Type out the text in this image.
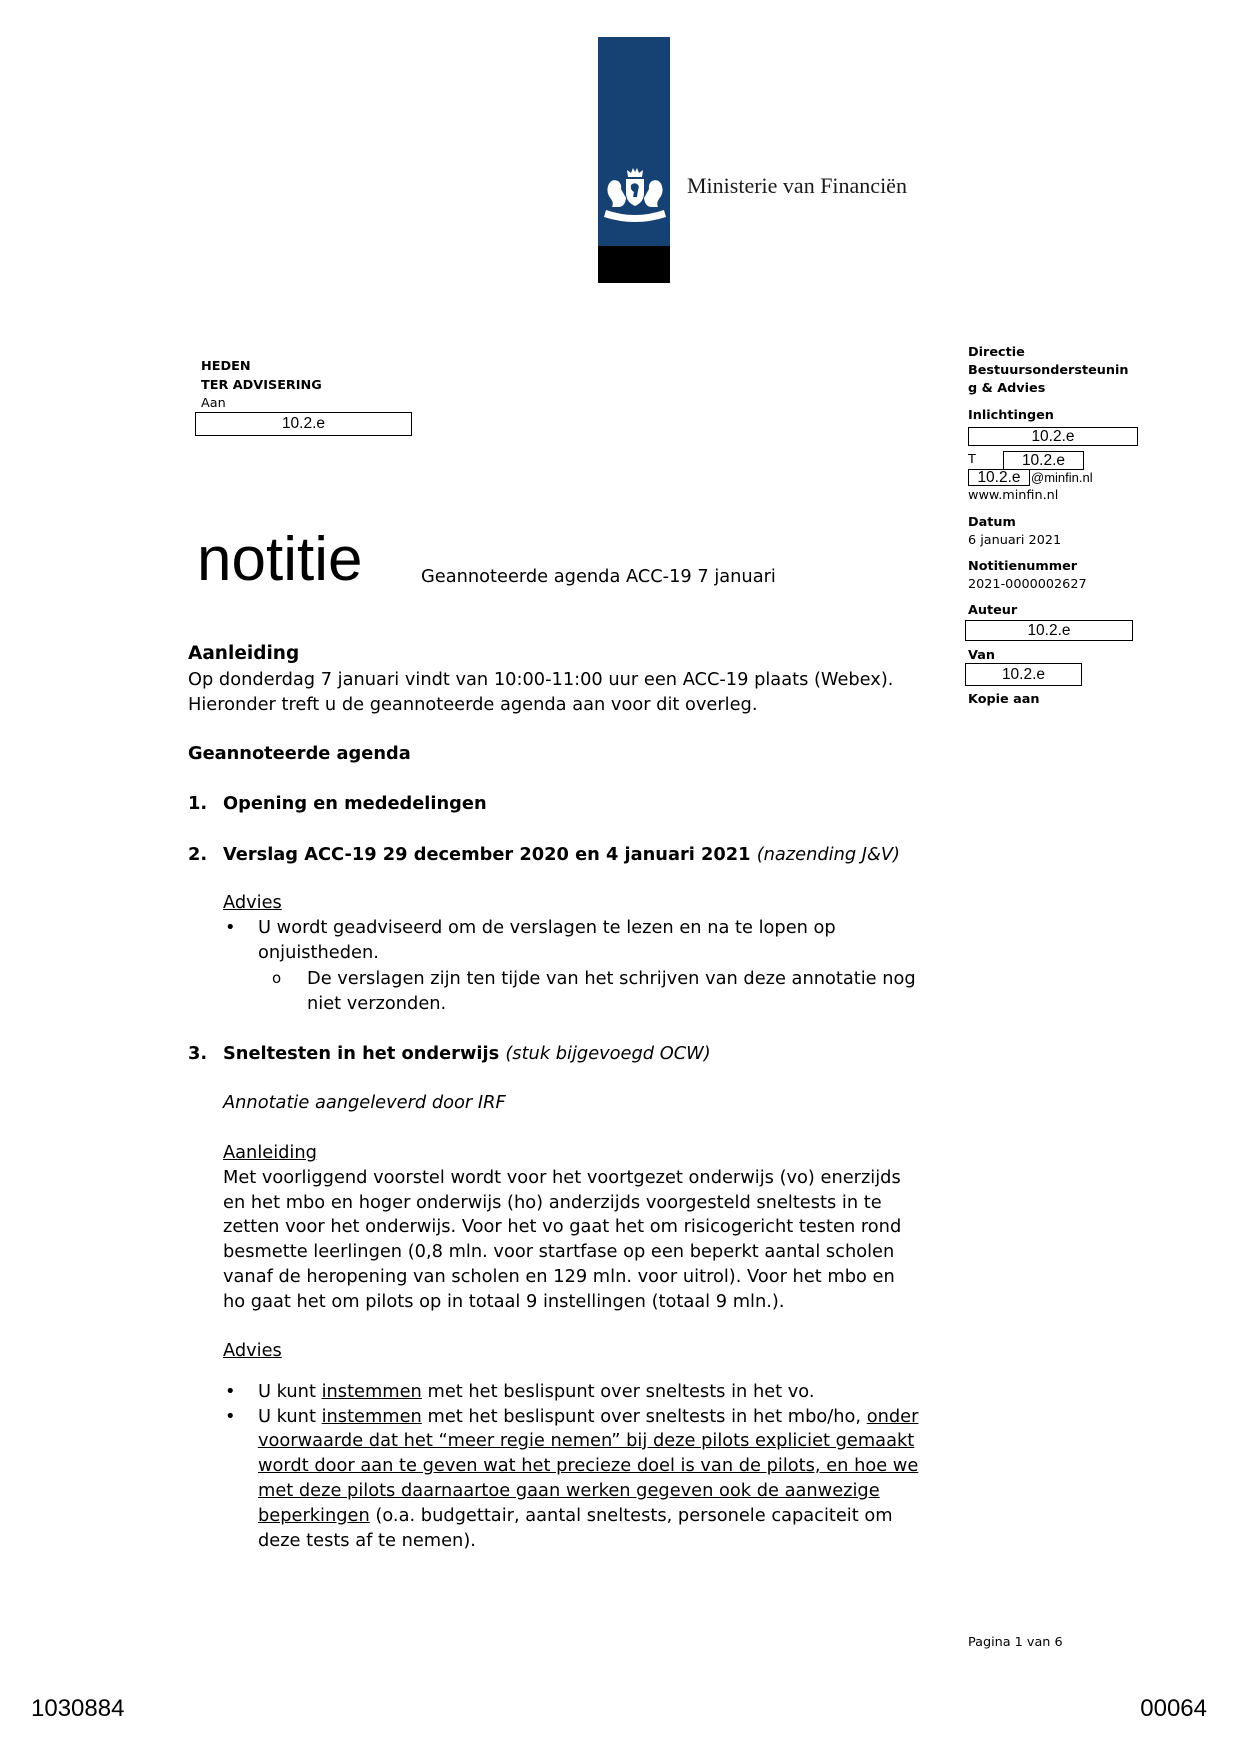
Ministerie van Financiën
HEDEN
TER ADVISERING
Aan
10.2.e
Directie
Bestuursondersteunin
g & Advies
Inlichtingen
10.2.e
T	10.2.e
10.2.e @minfin.nl
www.minfin.nl
Datum
6 januari 2021
Notitienummer
2021-0000002627
Auteur
10.2.e
Van
10.2.e
Kopie aan
notitie	Geannoteerde agenda ACC-19 7 januari
Aanleiding
Op donderdag 7 januari vindt van 10:00-11:00 uur een ACC-19 plaats (Webex).
Hieronder treft u de geannoteerde agenda aan voor dit overleg.
Geannoteerde agenda
1. Opening en mededelingen
2. Verslag ACC-19 29 december 2020 en 4 januari 2021 (nazending J&V)
Advies
• U wordt geadviseerd om de verslagen te lezen en na te lopen op
onjuistheden.
o De verslagen zijn ten tijde van het schrijven van deze annotatie nog
niet verzonden.
3. Sneltesten in het onderwijs (stuk bijgevoegd OCW)
Annotatie aangeleverd door IRF
Aanleiding
Met voorliggend voorstel wordt voor het voortgezet onderwijs (vo) enerzijds
en het mbo en hoger onderwijs (ho) anderzijds voorgesteld sneltests in te
zetten voor het onderwijs. Voor het vo gaat het om risicogericht testen rond
besmette leerlingen (0,8 mln. voor startfase op een beperkt aantal scholen
vanaf de heropening van scholen en 129 mln. voor uitrol). Voor het mbo en
ho gaat het om pilots op in totaal 9 instellingen (totaal 9 mln.).
Advies
• U kunt instemmen met het beslispunt over sneltests in het vo.
• U kunt instemmen met het beslispunt over sneltests in het mbo/ho, onder
voorwaarde dat het “meer regie nemen” bij deze pilots expliciet gemaakt
wordt door aan te geven wat het precieze doel is van de pilots, en hoe we
met deze pilots daarnaartoe gaan werken gegeven ook de aanwezige
beperkingen (o.a. budgettair, aantal sneltests, personele capaciteit om
deze tests af te nemen).
Pagina 1 van 6
1030884	00064
